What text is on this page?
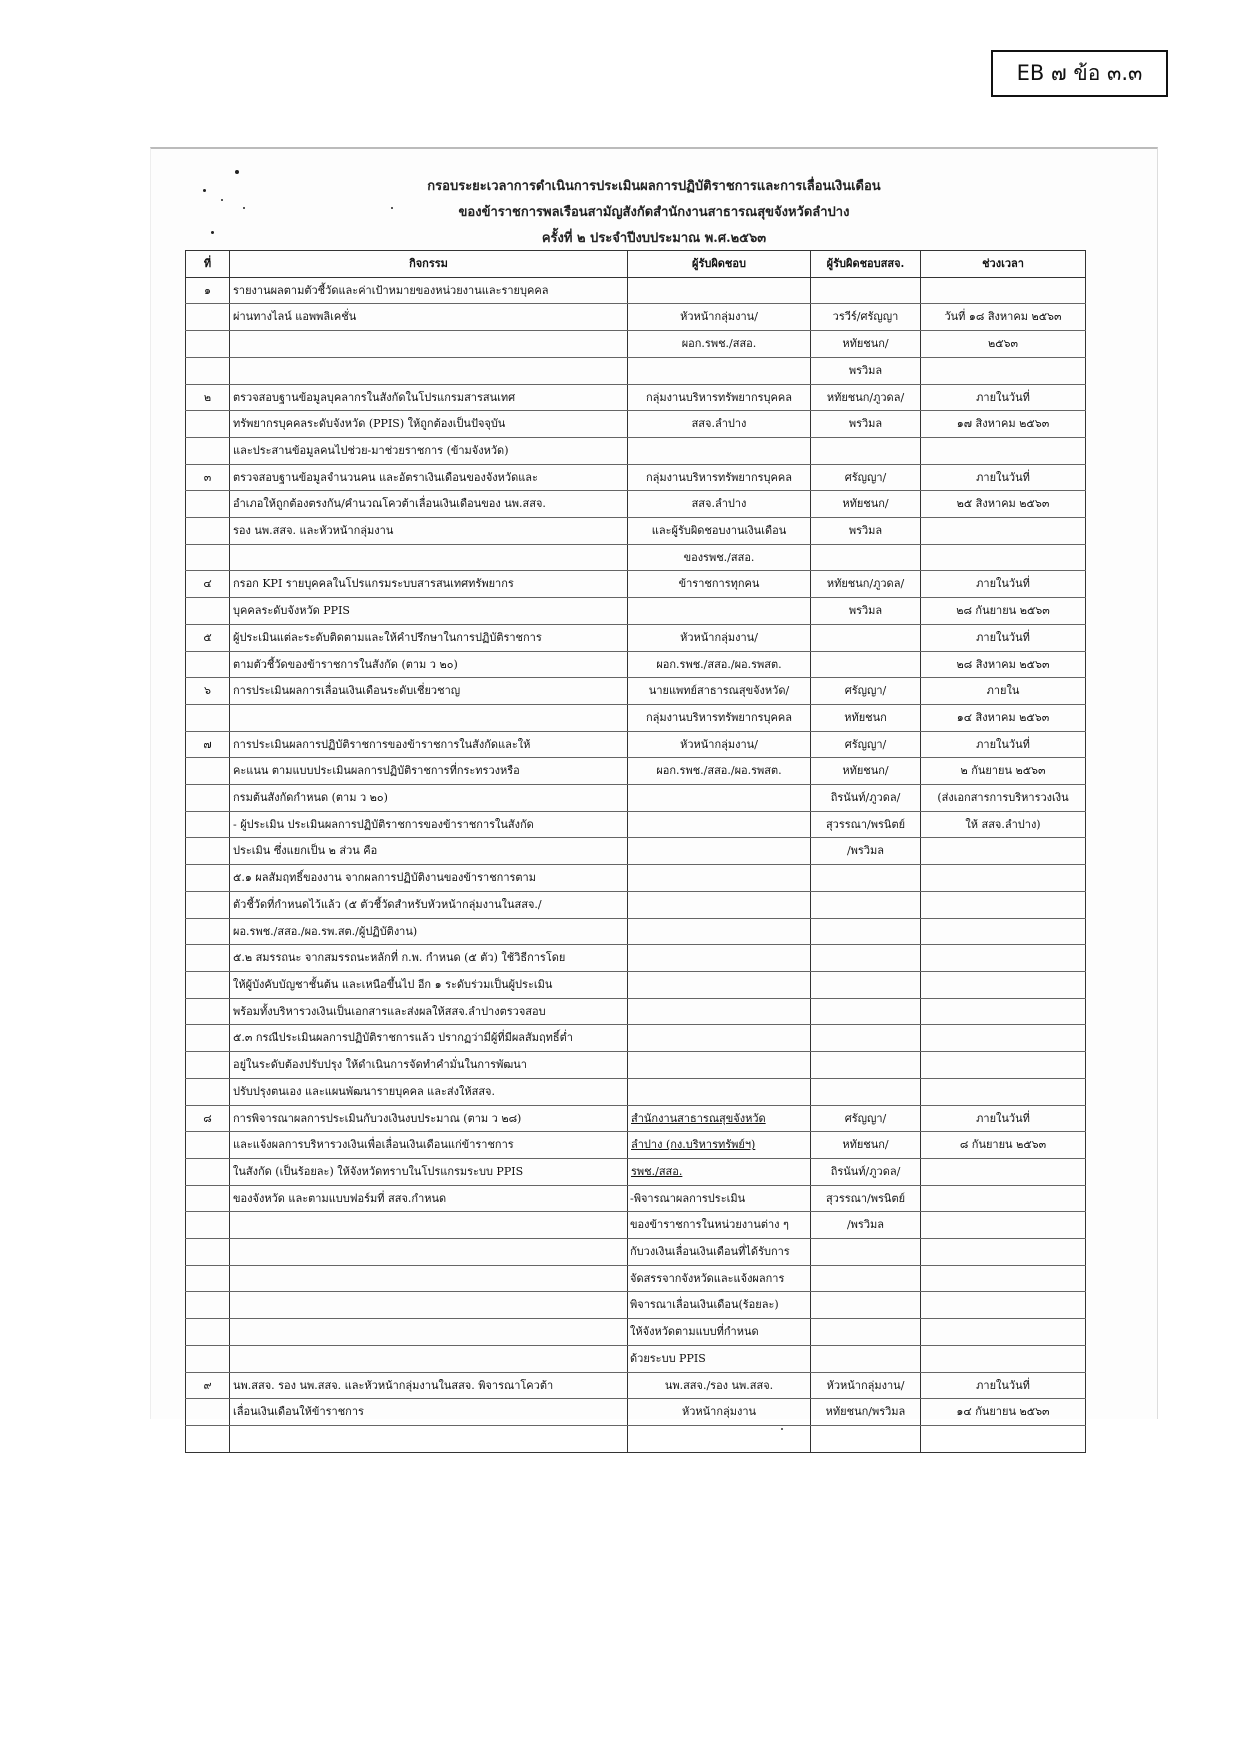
EB ๗ ข้อ ๓.๓
กรอบระยะเวลาการดำเนินการประเมินผลการปฏิบัติราชการและการเลื่อนเงินเดือน
ของข้าราชการพลเรือนสามัญสังกัดสำนักงานสาธารณสุขจังหวัดลำปาง
ครั้งที่ ๒ ประจำปีงบประมาณ พ.ศ.๒๕๖๓
ที่	กิจกรรม	ผู้รับผิดชอบ	ผู้รับผิดชอบสสจ.	ช่วงเวลา
๑	รายงานผลตามตัวชี้วัดและค่าเป้าหมายของหน่วยงานและรายบุคคล			
	ผ่านทางไลน์ แอพพลิเคชั่น	หัวหน้ากลุ่มงาน/	วรวีร์/ศรัญญา	วันที่ ๑๘ สิงหาคม ๒๕๖๓
		ผอก.รพช./สสอ.	หทัยชนก/	๒๕๖๓
			พรวิมล	
๒	ตรวจสอบฐานข้อมูลบุคลากรในสังกัดในโปรแกรมสารสนเทศ	กลุ่มงานบริหารทรัพยากรบุคคล	หทัยชนก/ภูวดล/	ภายในวันที่
	ทรัพยากรบุคคลระดับจังหวัด (PPIS) ให้ถูกต้องเป็นปัจจุบัน	สสจ.ลำปาง	พรวิมล	๑๗ สิงหาคม ๒๕๖๓
	และประสานข้อมูลคนไปช่วย-มาช่วยราชการ (ข้ามจังหวัด)			
๓	ตรวจสอบฐานข้อมูลจำนวนคน และอัตราเงินเดือนของจังหวัดและ	กลุ่มงานบริหารทรัพยากรบุคคล	ศรัญญา/	ภายในวันที่
	อำเภอให้ถูกต้องตรงกัน/คำนวณโควต้าเลื่อนเงินเดือนของ นพ.สสจ.	สสจ.ลำปาง	หทัยชนก/	๒๕ สิงหาคม ๒๕๖๓
	รอง นพ.สสจ. และหัวหน้ากลุ่มงาน	และผู้รับผิดชอบงานเงินเดือน	พรวิมล	
		ของรพช./สสอ.		
๔	กรอก KPI รายบุคคลในโปรแกรมระบบสารสนเทศทรัพยากร	ข้าราชการทุกคน	หทัยชนก/ภูวดล/	ภายในวันที่
	บุคคลระดับจังหวัด PPIS		พรวิมล	๒๘ กันยายน ๒๕๖๓
๕	ผู้ประเมินแต่ละระดับติดตามและให้คำปรึกษาในการปฏิบัติราชการ	หัวหน้ากลุ่มงาน/		ภายในวันที่
	ตามตัวชี้วัดของข้าราชการในสังกัด (ตาม ว ๒๐)	ผอก.รพช./สสอ./ผอ.รพสต.		๒๘ สิงหาคม ๒๕๖๓
๖	การประเมินผลการเลื่อนเงินเดือนระดับเชี่ยวชาญ	นายแพทย์สาธารณสุขจังหวัด/	ศรัญญา/	ภายใน
		กลุ่มงานบริหารทรัพยากรบุคคล	หทัยชนก	๑๔ สิงหาคม ๒๕๖๓
๗	การประเมินผลการปฏิบัติราชการของข้าราชการในสังกัดและให้	หัวหน้ากลุ่มงาน/	ศรัญญา/	ภายในวันที่
	คะแนน ตามแบบประเมินผลการปฏิบัติราชการที่กระทรวงหรือ	ผอก.รพช./สสอ./ผอ.รพสต.	หทัยชนก/	๒ กันยายน ๒๕๖๓
	กรมต้นสังกัดกำหนด (ตาม ว ๒๐)		ถิรนันท์/ภูวดล/	(ส่งเอกสารการบริหารวงเงิน
	- ผู้ประเมิน ประเมินผลการปฏิบัติราชการของข้าราชการในสังกัด		สุวรรณา/พรนิตย์	ให้ สสจ.ลำปาง)
	ประเมิน ซึ่งแยกเป็น ๒ ส่วน คือ		/พรวิมล	
	๕.๑ ผลสัมฤทธิ์ของงาน จากผลการปฏิบัติงานของข้าราชการตาม			
	ตัวชี้วัดที่กำหนดไว้แล้ว (๕ ตัวชี้วัดสำหรับหัวหน้ากลุ่มงานในสสจ./			
	ผอ.รพช./สสอ./ผอ.รพ.สต./ผู้ปฏิบัติงาน)			
	๕.๒ สมรรถนะ จากสมรรถนะหลักที่ ก.พ. กำหนด (๕ ตัว) ใช้วิธีการโดย			
	ให้ผู้บังคับบัญชาชั้นต้น และเหนือขึ้นไป อีก ๑ ระดับร่วมเป็นผู้ประเมิน			
	พร้อมทั้งบริหารวงเงินเป็นเอกสารและส่งผลให้สสจ.ลำปางตรวจสอบ			
	๕.๓ กรณีประเมินผลการปฏิบัติราชการแล้ว ปรากฏว่ามีผู้ที่มีผลสัมฤทธิ์ต่ำ			
	อยู่ในระดับต้องปรับปรุง ให้ดำเนินการจัดทำคำมั่นในการพัฒนา			
	ปรับปรุงตนเอง และแผนพัฒนารายบุคคล และส่งให้สสจ.			
๘	การพิจารณาผลการประเมินกับวงเงินงบประมาณ (ตาม ว ๒๘)	สำนักงานสาธารณสุขจังหวัด	ศรัญญา/	ภายในวันที่
	และแจ้งผลการบริหารวงเงินเพื่อเลื่อนเงินเดือนแก่ข้าราชการ	ลำปาง (กง.บริหารทรัพย์ฯ)	หทัยชนก/	๘ กันยายน ๒๕๖๓
	ในสังกัด (เป็นร้อยละ) ให้จังหวัดทราบในโปรแกรมระบบ PPIS	รพช./สสอ.	ถิรนันท์/ภูวดล/	
	ของจังหวัด และตามแบบฟอร์มที่ สสจ.กำหนด	-พิจารณาผลการประเมิน	สุวรรณา/พรนิตย์	
		ของข้าราชการในหน่วยงานต่าง ๆ	/พรวิมล	
		กับวงเงินเลื่อนเงินเดือนที่ได้รับการ		
		จัดสรรจากจังหวัดและแจ้งผลการ		
		พิจารณาเลื่อนเงินเดือน(ร้อยละ)		
		ให้จังหวัดตามแบบที่กำหนด		
		ด้วยระบบ PPIS		
๙	นพ.สสจ. รอง นพ.สสจ. และหัวหน้ากลุ่มงานในสสจ. พิจารณาโควต้า	นพ.สสจ./รอง นพ.สสจ.	หัวหน้ากลุ่มงาน/	ภายในวันที่
	เลื่อนเงินเดือนให้ข้าราชการ	หัวหน้ากลุ่มงาน	หทัยชนก/พรวิมล	๑๔ กันยายน ๒๕๖๓
